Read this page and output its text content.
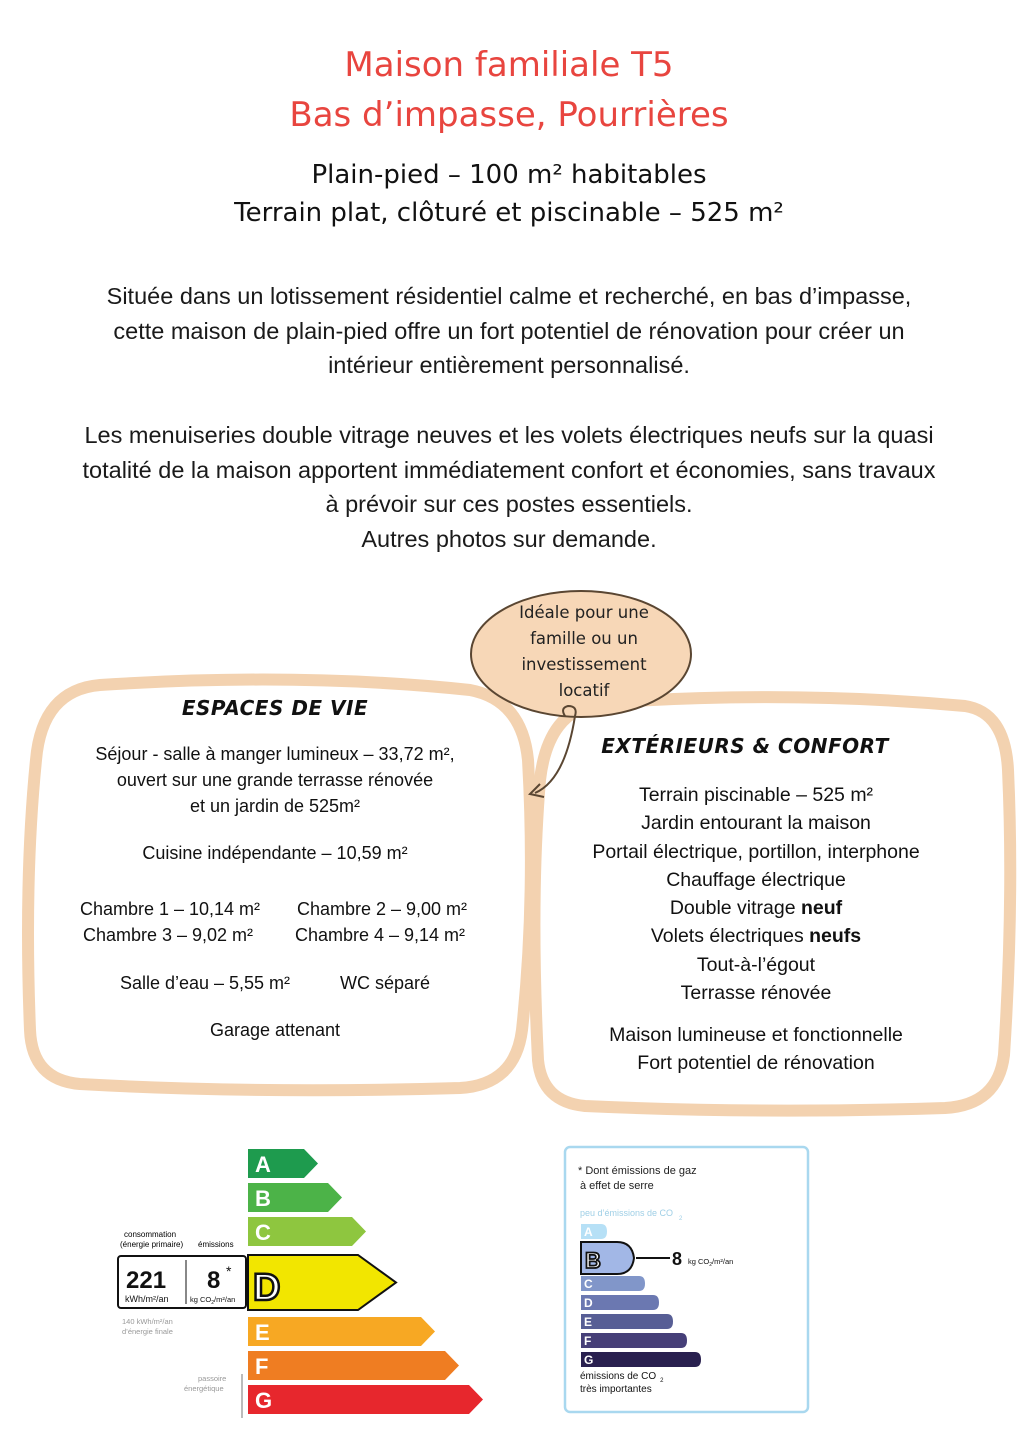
Maison familiale T5
Bas d’impasse, Pourrières
Plain-pied – 100 m² habitables
Terrain plat, clôturé et piscinable – 525 m²
Située dans un lotissement résidentiel calme et recherché, en bas d’impasse,
cette maison de plain-pied offre un fort potentiel de rénovation pour créer un
intérieur entièrement personnalisé.
Les menuiseries double vitrage neuves et les volets électriques neufs sur la quasi
totalité de la maison apportent immédiatement confort et économies, sans travaux
à prévoir sur ces postes essentiels.
Autres photos sur demande.
Idéale pour une
famille ou un
investissement
locatif
ESPACES DE VIE
Séjour - salle à manger lumineux – 33,72 m²,
ouvert sur une grande terrasse rénovée
et un jardin de 525m²
Cuisine indépendante – 10,59 m²
Chambre 1 – 10,14 m²	Chambre 2 – 9,00 m²
Chambre 3 – 9,02 m²	Chambre 4 – 9,14 m²
Salle d’eau – 5,55 m²	WC séparé
Garage attenant
EXTÉRIEURS & CONFORT
Terrain piscinable – 525 m²
Jardin entourant la maison
Portail électrique, portillon, interphone
Chauffage électrique
Double vitrage neuf
Volets électriques neufs
Tout-à-l’égout
Terrasse rénovée
Maison lumineuse et fonctionnelle
Fort potentiel de rénovation
A
B
C
E
F
G
D
consommation
(énergie primaire) émissions
221
kWh/m²/an
8 *
kg $CO_2/m^2/an$
140 kWh/m²/an
d’énergie finale
passoire
énergétique
* Dont émissions de gaz
à effet de serre
peu d’émissions de $CO_2$
A
C
D
E
F
G
B	8 kg $CO_2/m^2/an$
émissions de CO $_2$
très importantes
